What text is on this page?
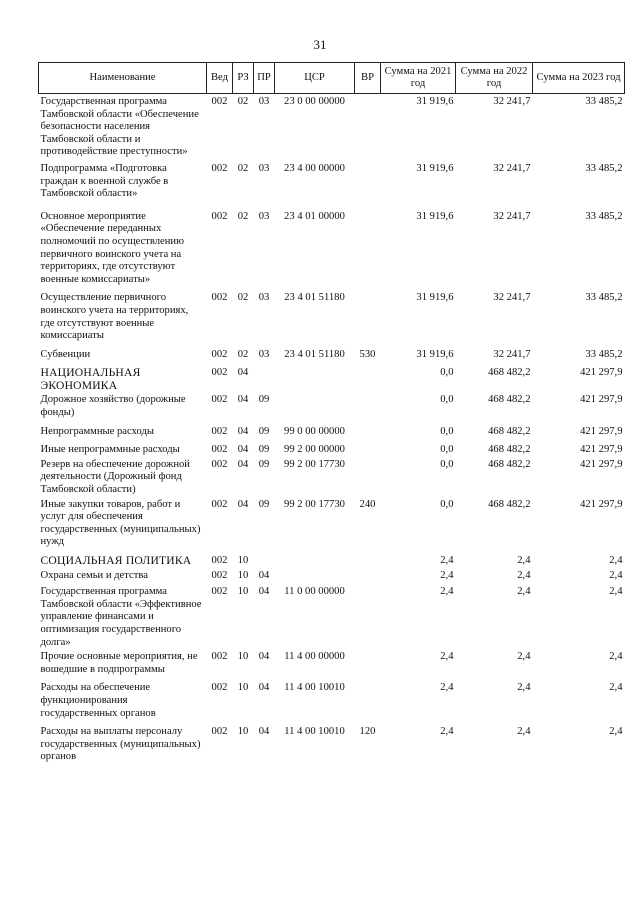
31
Наименование	Вед	РЗ	ПР	ЦСР	ВР	Сумма на 2021 год	Сумма на 2022 год	Сумма на 2023 год
Государственная программа Тамбовской области «Обеспечение безопасности населения Тамбовской области и противодействие преступности»	002	02	03	23 0 00 00000		31 919,6	32 241,7	33 485,2
Подпрограмма «Подготовка граждан к военной службе в Тамбовской области»	002	02	03	23 4 00 00000		31 919,6	32 241,7	33 485,2
Основное мероприятие «Обеспечение переданных полномочий по осуществлению первичного воинского учета на территориях, где отсутствуют военные комиссариаты»	002	02	03	23 4 01 00000		31 919,6	32 241,7	33 485,2
Осуществление первичного воинского учета на территориях, где отсутствуют военные комиссариаты	002	02	03	23 4 01 51180		31 919,6	32 241,7	33 485,2
Субвенции	002	02	03	23 4 01 51180	530	31 919,6	32 241,7	33 485,2
НАЦИОНАЛЬНАЯ ЭКОНОМИКА	002	04				0,0	468 482,2	421 297,9
Дорожное хозяйство (дорожные фонды)	002	04	09			0,0	468 482,2	421 297,9
Непрограммные расходы	002	04	09	99 0 00 00000		0,0	468 482,2	421 297,9
Иные непрограммные расходы	002	04	09	99 2 00 00000		0,0	468 482,2	421 297,9
Резерв на обеспечение дорожной деятельности (Дорожный фонд Тамбовской области)	002	04	09	99 2 00 17730		0,0	468 482,2	421 297,9
Иные закупки товаров, работ и услуг для обеспечения государственных (муниципальных) нужд	002	04	09	99 2 00 17730	240	0,0	468 482,2	421 297,9
СОЦИАЛЬНАЯ ПОЛИТИКА	002	10				2,4	2,4	2,4
Охрана семьи и детства	002	10	04			2,4	2,4	2,4
Государственная программа Тамбовской области «Эффективное управление финансами и оптимизация государственного долга»	002	10	04	11 0 00 00000		2,4	2,4	2,4
Прочие основные мероприятия, не вошедшие в подпрограммы	002	10	04	11 4 00 00000		2,4	2,4	2,4
Расходы на обеспечение функционирования государственных органов	002	10	04	11 4 00 10010		2,4	2,4	2,4
Расходы на выплаты персоналу государственных (муниципальных) органов	002	10	04	11 4 00 10010	120	2,4	2,4	2,4
